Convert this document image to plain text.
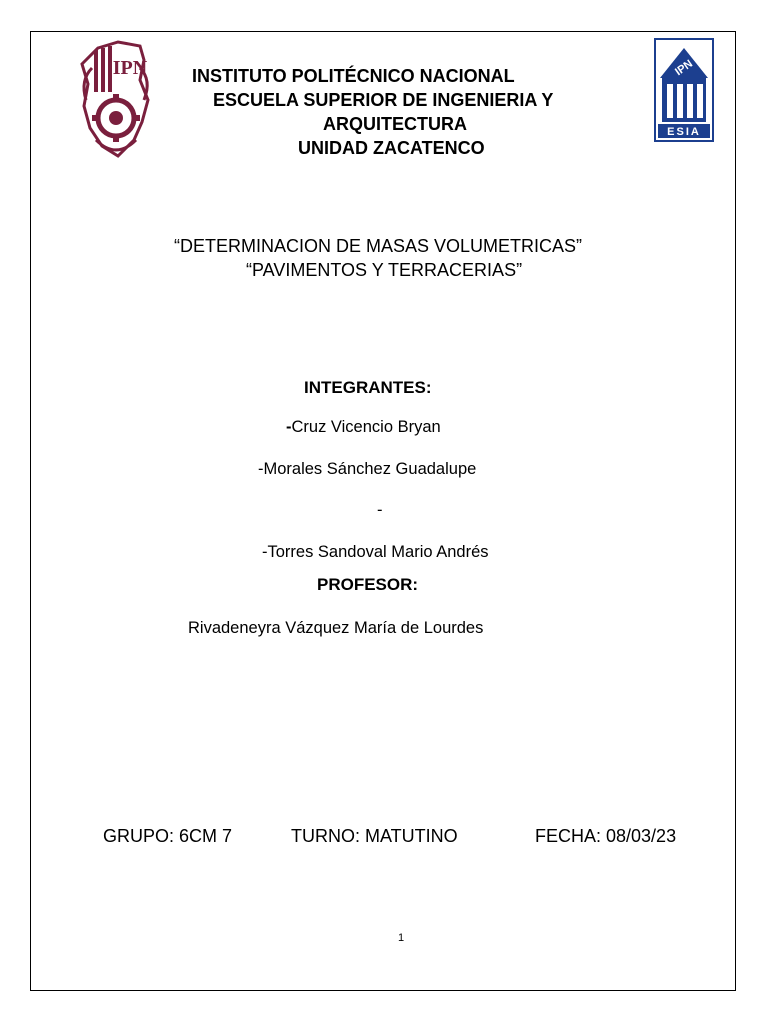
IPN	IPN
ESIA
INSTITUTO POLITÉCNICO NACIONAL
ESCUELA SUPERIOR DE INGENIERIA Y
ARQUITECTURA
UNIDAD ZACATENCO
“DETERMINACION DE MASAS VOLUMETRICAS”
“PAVIMENTOS Y TERRACERIAS”
INTEGRANTES:
-Cruz Vicencio Bryan
-Morales Sánchez Guadalupe
-
-Torres Sandoval Mario Andrés
PROFESOR:
Rivadeneyra Vázquez María de Lourdes
GRUPO: 6CM 7	TURNO: MATUTINO	FECHA: 08/03/23
1
